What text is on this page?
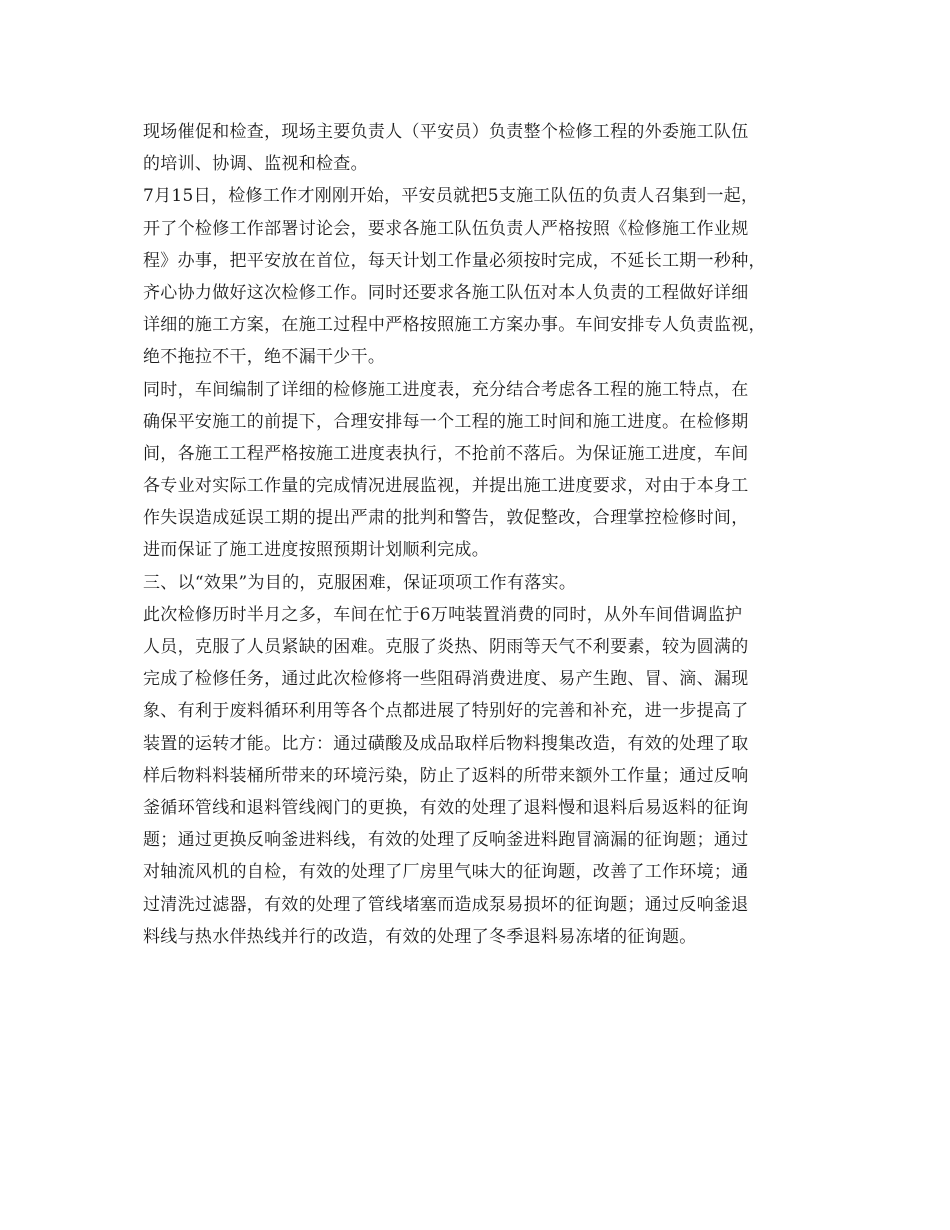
现场催促和检查，现场主要负责人（平安员）负责整个检修工程的外委施工队伍
的培训、协调、监视和检查。
7月15日，检修工作才刚刚开始，平安员就把5支施工队伍的负责人召集到一起，
开了个检修工作部署讨论会，要求各施工队伍负责人严格按照《检修施工作业规
程》办事，把平安放在首位，每天计划工作量必须按时完成，不延长工期一秒种，
齐心协力做好这次检修工作。同时还要求各施工队伍对本人负责的工程做好详细
详细的施工方案，在施工过程中严格按照施工方案办事。车间安排专人负责监视，
绝不拖拉不干，绝不漏干少干。
同时，车间编制了详细的检修施工进度表，充分结合考虑各工程的施工特点，在
确保平安施工的前提下，合理安排每一个工程的施工时间和施工进度。在检修期
间，各施工工程严格按施工进度表执行，不抢前不落后。为保证施工进度，车间
各专业对实际工作量的完成情况进展监视，并提出施工进度要求，对由于本身工
作失误造成延误工期的提出严肃的批判和警告，敦促整改，合理掌控检修时间，
进而保证了施工进度按照预期计划顺利完成。
三、以“效果”为目的，克服困难，保证项项工作有落实。
此次检修历时半月之多，车间在忙于6万吨装置消费的同时，从外车间借调监护
人员，克服了人员紧缺的困难。克服了炎热、阴雨等天气不利要素，较为圆满的
完成了检修任务，通过此次检修将一些阻碍消费进度、易产生跑、冒、滴、漏现
象、有利于废料循环利用等各个点都进展了特别好的完善和补充，进一步提高了
装置的运转才能。比方：通过磺酸及成品取样后物料搜集改造，有效的处理了取
样后物料料装桶所带来的环境污染，防止了返料的所带来额外工作量；通过反响
釜循环管线和退料管线阀门的更换，有效的处理了退料慢和退料后易返料的征询
题；通过更换反响釜进料线，有效的处理了反响釜进料跑冒滴漏的征询题；通过
对轴流风机的自检，有效的处理了厂房里气味大的征询题，改善了工作环境；通
过清洗过滤器，有效的处理了管线堵塞而造成泵易损坏的征询题；通过反响釜退
料线与热水伴热线并行的改造，有效的处理了冬季退料易冻堵的征询题。
